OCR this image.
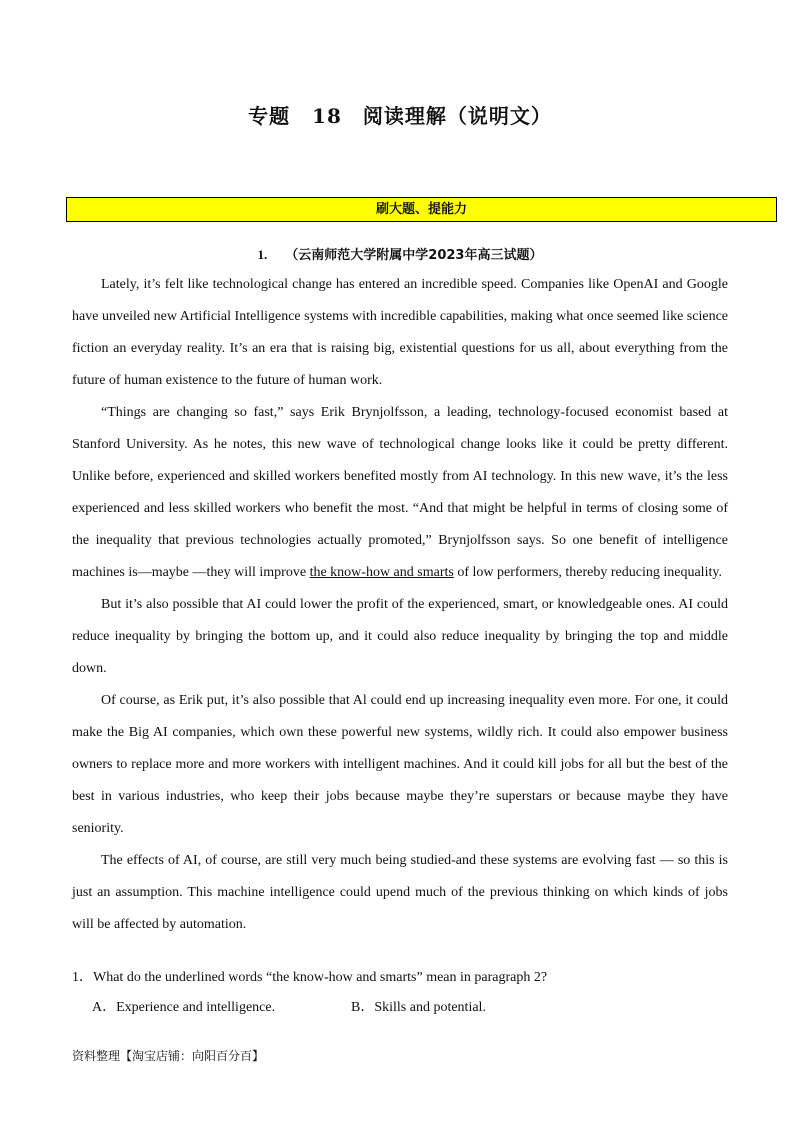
专题 18　阅读理解（说明文）
刷大题、提能力
1. （云南师范大学附属中学2023年高三试题）

Lately, it’s felt like technological change has entered an incredible speed. Companies like OpenAI and Google have unveiled new Artificial Intelligence systems with incredible capabilities, making what once seemed like science fiction an everyday reality. It’s an era that is raising big, existential questions for us all, about everything from the future of human existence to the future of human work.

“Things are changing so fast,” says Erik Brynjolfsson, a leading, technology-focused economist based at Stanford University. As he notes, this new wave of technological change looks like it could be pretty different. Unlike before, experienced and skilled workers benefited mostly from AI technology. In this new wave, it’s the less experienced and less skilled workers who benefit the most. “And that might be helpful in terms of closing some of the inequality that previous technologies actually promoted,” Brynjolfsson says. So one benefit of intelligence machines is—maybe —they will improve the know-how and smarts of low performers, thereby reducing inequality.

But it’s also possible that AI could lower the profit of the experienced, smart, or knowledgeable ones. AI could reduce inequality by bringing the bottom up, and it could also reduce inequality by bringing the top and middle down.

Of course, as Erik put, it’s also possible that Al could end up increasing inequality even more. For one, it could make the Big AI companies, which own these powerful new systems, wildly rich. It could also empower business owners to replace more and more workers with intelligent machines. And it could kill jobs for all but the best of the best in various industries, who keep their jobs because maybe they’re superstars or because maybe they have seniority.

The effects of AI, of course, are still very much being studied-and these systems are evolving fast — so this is just an assumption. This machine intelligence could upend much of the previous thinking on which kinds of jobs will be affected by automation.

1．What do the underlined words “the know-how and smarts” mean in paragraph 2?
A．Experience and intelligence.	B．Skills and potential.
资料整理【淘宝店铺：向阳百分百】
